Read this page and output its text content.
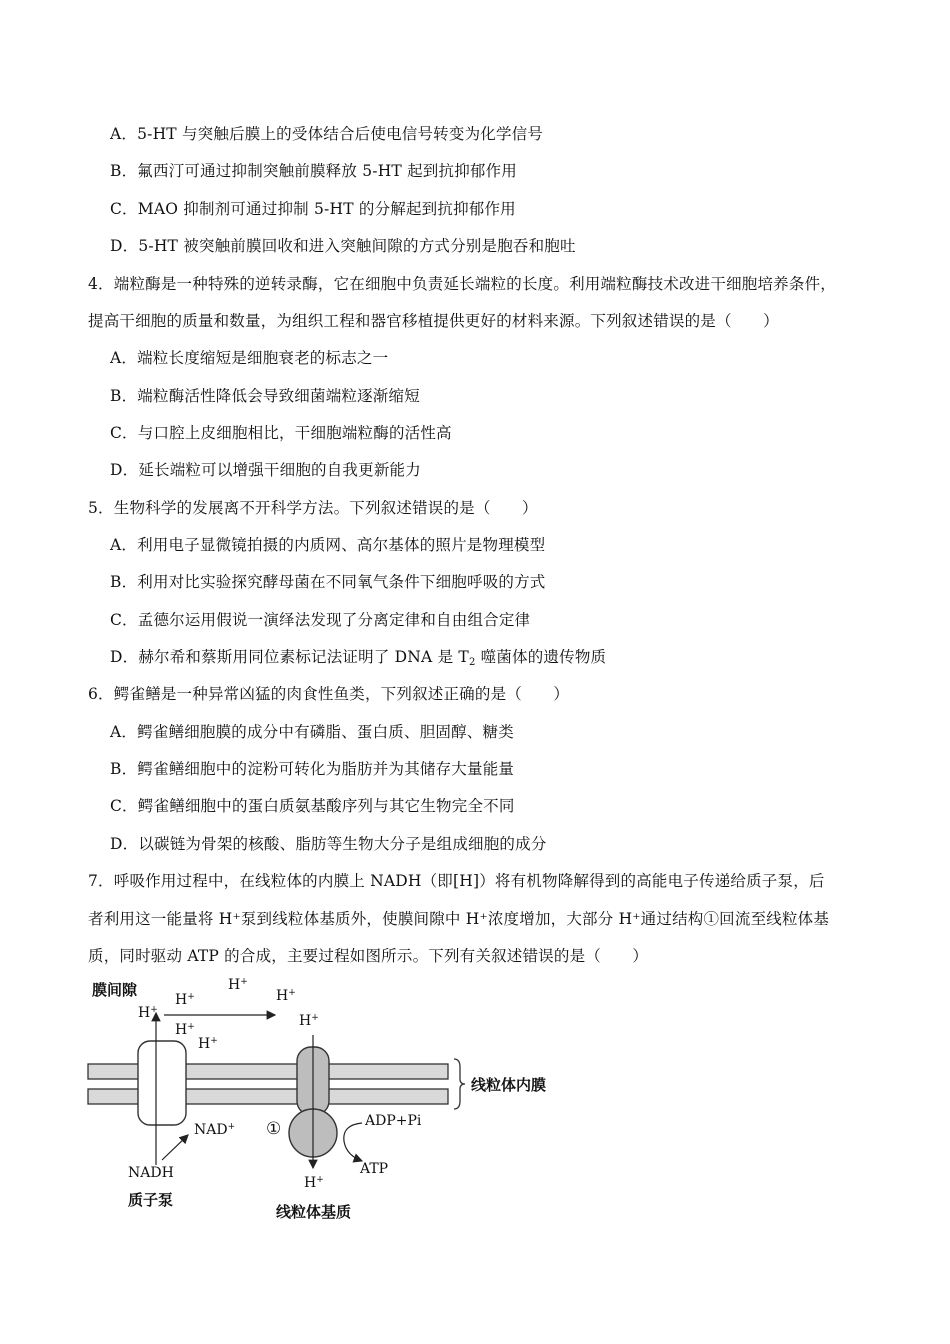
A．5-HT 与突触后膜上的受体结合后使电信号转变为化学信号
B．氟西汀可通过抑制突触前膜释放 5-HT 起到抗抑郁作用
C．MAO 抑制剂可通过抑制 5-HT 的分解起到抗抑郁作用
D．5-HT 被突触前膜回收和进入突触间隙的方式分别是胞吞和胞吐
4．端粒酶是一种特殊的逆转录酶，它在细胞中负责延长端粒的长度。利用端粒酶技术改进干细胞培养条件，
提高干细胞的质量和数量，为组织工程和器官移植提供更好的材料来源。下列叙述错误的是（　　）
A．端粒长度缩短是细胞衰老的标志之一
B．端粒酶活性降低会导致细菌端粒逐渐缩短
C．与口腔上皮细胞相比，干细胞端粒酶的活性高
D．延长端粒可以增强干细胞的自我更新能力
5．生物科学的发展离不开科学方法。下列叙述错误的是（　　）
A．利用电子显微镜拍摄的内质网、高尔基体的照片是物理模型
B．利用对比实验探究酵母菌在不同氧气条件下细胞呼吸的方式
C．孟德尔运用假说一演绎法发现了分离定律和自由组合定律
D．赫尔希和蔡斯用同位素标记法证明了 DNA 是 $T_2$ 噬菌体的遗传物质
6．鳄雀鳝是一种异常凶猛的肉食性鱼类，下列叙述正确的是（　　）
A．鳄雀鳝细胞膜的成分中有磷脂、蛋白质、胆固醇、糖类
B．鳄雀鳝细胞中的淀粉可转化为脂肪并为其储存大量能量
C．鳄雀鳝细胞中的蛋白质氨基酸序列与其它生物完全不同
D．以碳链为骨架的核酸、脂肪等生物大分子是组成细胞的成分
7．呼吸作用过程中，在线粒体的内膜上 NADH（即[H]）将有机物降解得到的高能电子传递给质子泵，后
者利用这一能量将 H⁺泵到线粒体基质外，使膜间隙中 H⁺浓度增加，大部分 H⁺通过结构①回流至线粒体基
质，同时驱动 ATP 的合成，主要过程如图所示。下列有关叙述错误的是（　　）
膜间隙
H+
H+
H+
H+
H+
H+
H+
H+
线粒体内膜
NAD+
NADH
质子泵
①	ADP+Pi
ATP
线粒体基质
